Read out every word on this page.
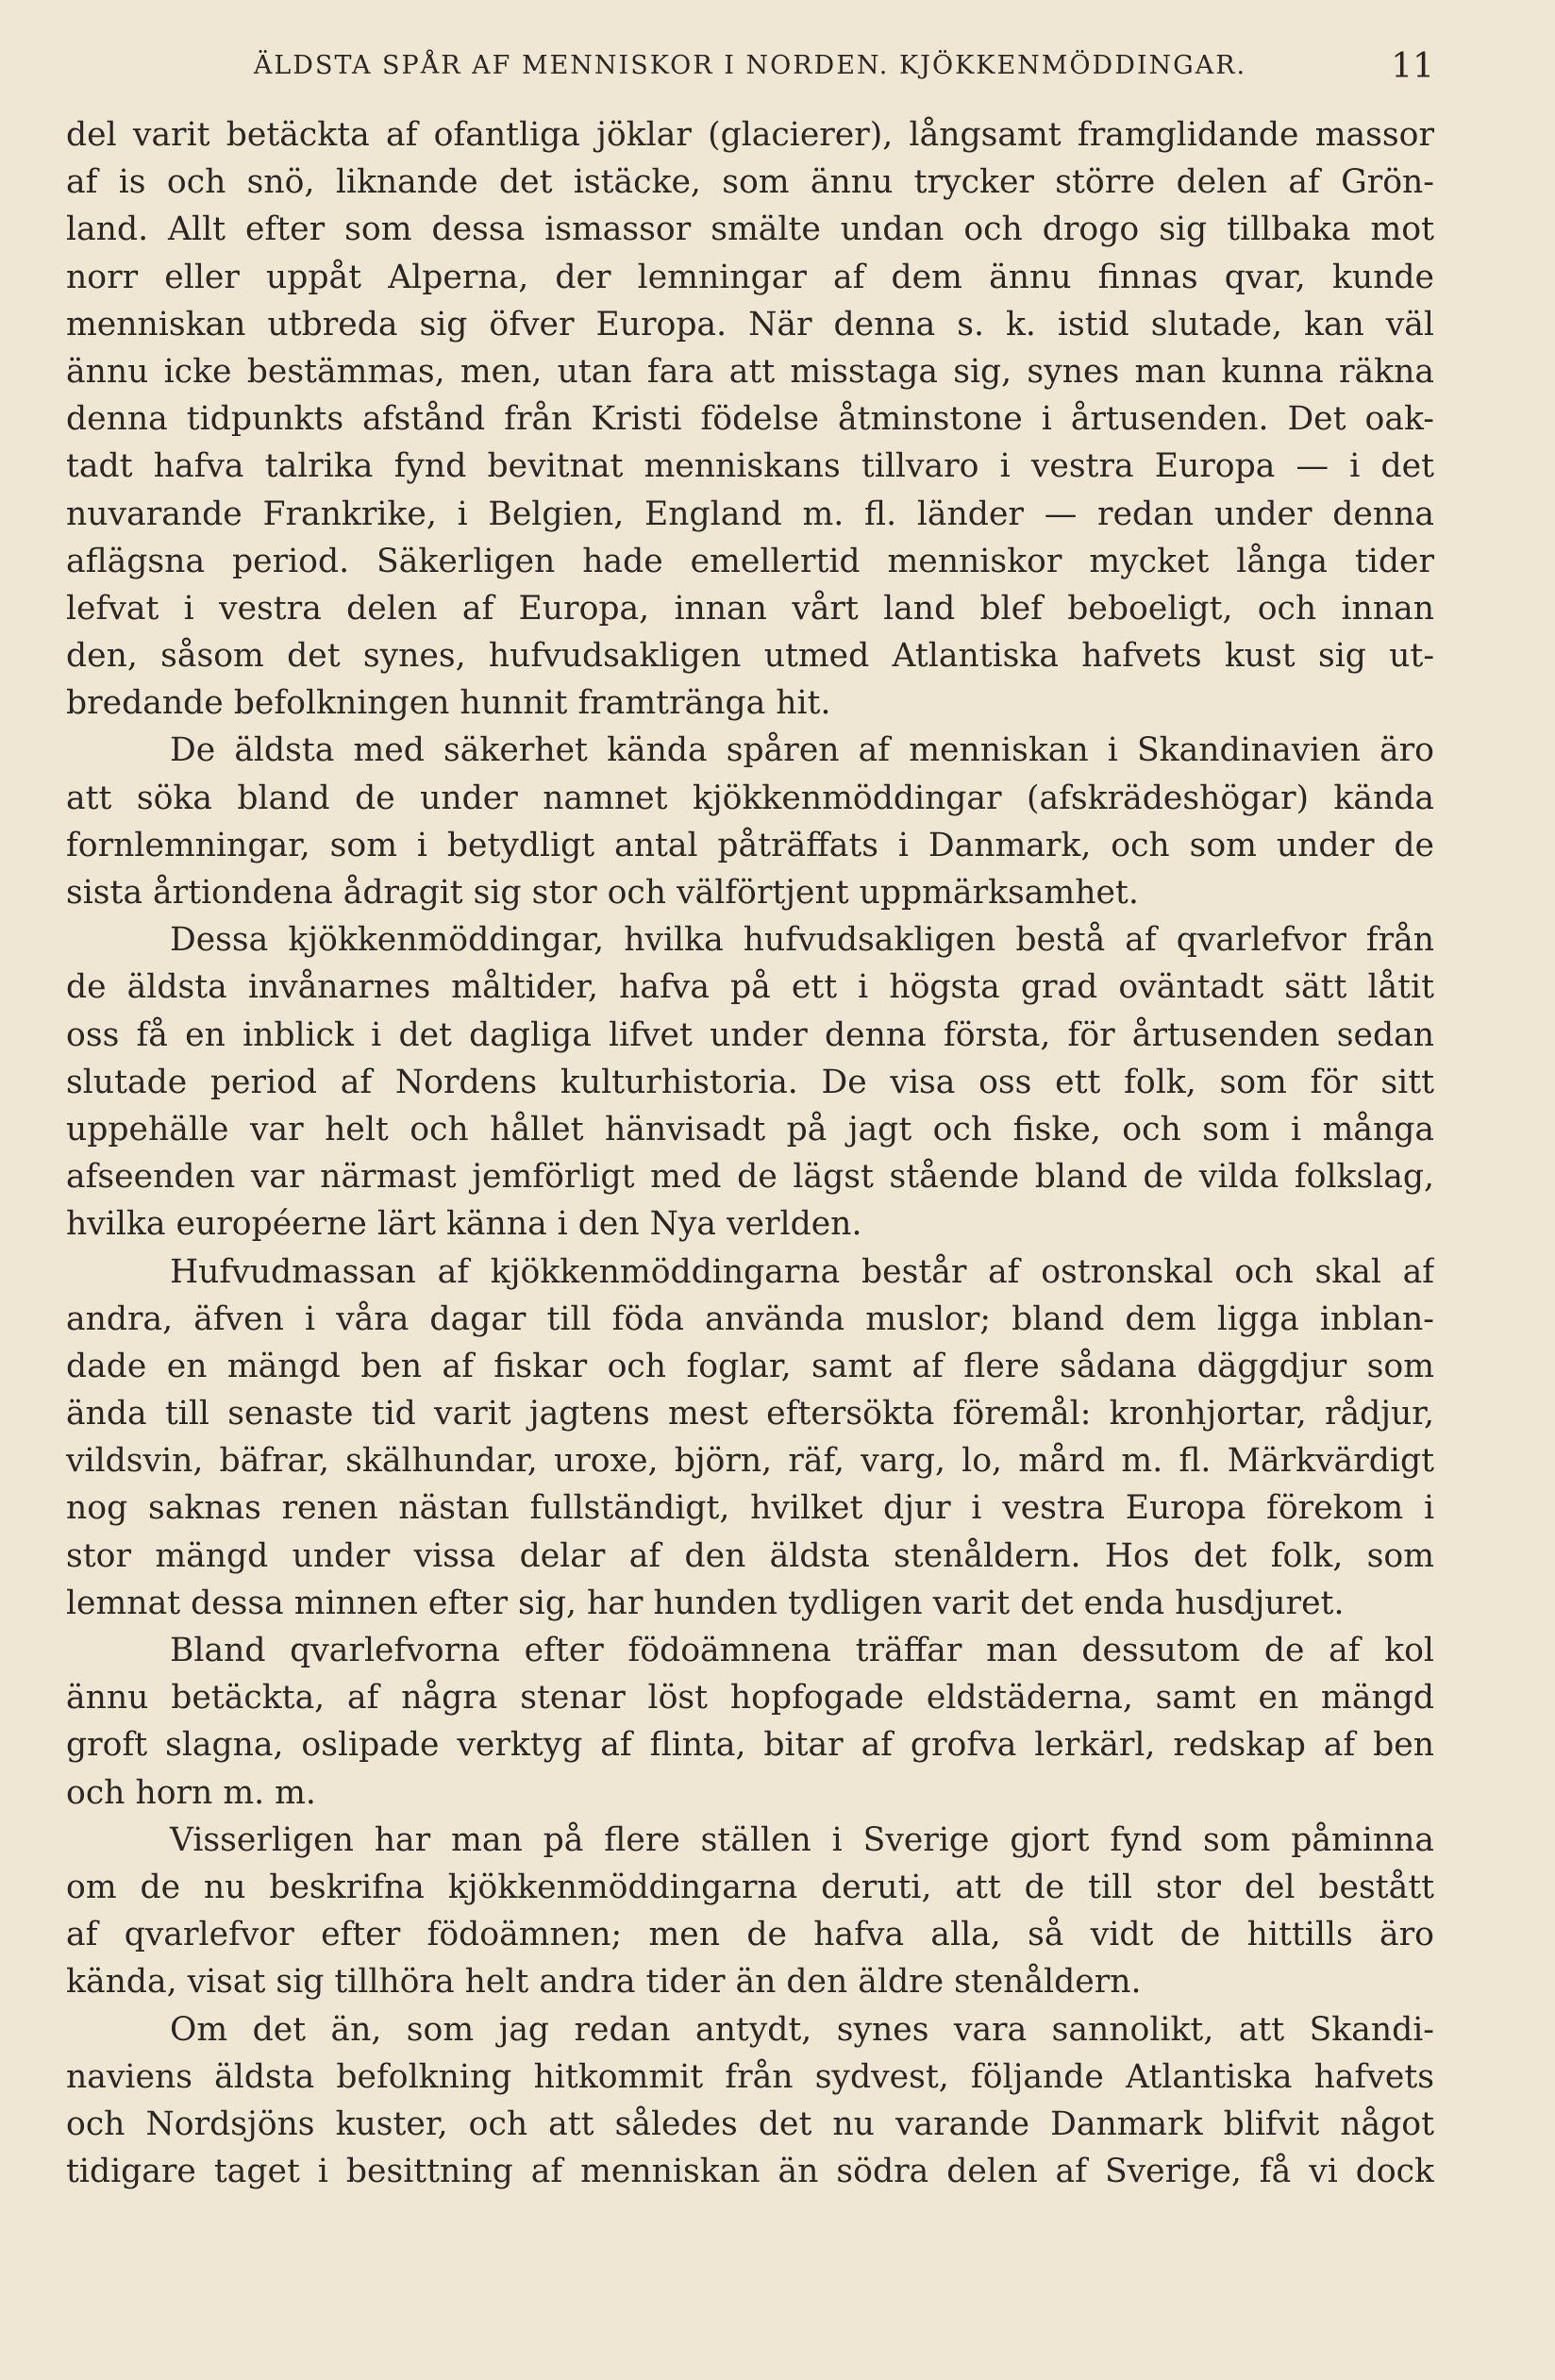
ÄLDSTA SPÅR AF MENNISKOR I NORDEN. KJÖKKENMÖDDINGAR.	11
del varit betäckta af ofantliga jöklar (glacierer), långsamt framglidande massor
af is och snö, liknande det istäcke, som ännu trycker större delen af Grön-
land. Allt efter som dessa ismassor smälte undan och drogo sig tillbaka mot
norr eller uppåt Alperna, der lemningar af dem ännu finnas qvar, kunde
menniskan utbreda sig öfver Europa. När denna s. k. istid slutade, kan väl
ännu icke bestämmas, men, utan fara att misstaga sig, synes man kunna räkna
denna tidpunkts afstånd från Kristi födelse åtminstone i årtusenden. Det oak-
tadt hafva talrika fynd bevitnat menniskans tillvaro i vestra Europa — i det
nuvarande Frankrike, i Belgien, England m. fl. länder — redan under denna
aflägsna period. Säkerligen hade emellertid menniskor mycket långa tider
lefvat i vestra delen af Europa, innan vårt land blef beboeligt, och innan
den, såsom det synes, hufvudsakligen utmed Atlantiska hafvets kust sig ut-
bredande befolkningen hunnit framtränga hit.
De äldsta med säkerhet kända spåren af menniskan i Skandinavien äro
att söka bland de under namnet kjökkenmöddingar (afskrädeshögar) kända
fornlemningar, som i betydligt antal påträffats i Danmark, och som under de
sista årtiondena ådragit sig stor och välförtjent uppmärksamhet.
Dessa kjökkenmöddingar, hvilka hufvudsakligen bestå af qvarlefvor från
de äldsta invånarnes måltider, hafva på ett i högsta grad oväntadt sätt låtit
oss få en inblick i det dagliga lifvet under denna första, för årtusenden sedan
slutade period af Nordens kulturhistoria. De visa oss ett folk, som för sitt
uppehälle var helt och hållet hänvisadt på jagt och fiske, och som i många
afseenden var närmast jemförligt med de lägst stående bland de vilda folkslag,
hvilka européerne lärt känna i den Nya verlden.
Hufvudmassan af kjökkenmöddingarna består af ostronskal och skal af
andra, äfven i våra dagar till föda använda muslor; bland dem ligga inblan-
dade en mängd ben af fiskar och foglar, samt af flere sådana däggdjur som
ända till senaste tid varit jagtens mest eftersökta föremål: kronhjortar, rådjur,
vildsvin, bäfrar, skälhundar, uroxe, björn, räf, varg, lo, mård m. fl. Märkvärdigt
nog saknas renen nästan fullständigt, hvilket djur i vestra Europa förekom i
stor mängd under vissa delar af den äldsta stenåldern. Hos det folk, som
lemnat dessa minnen efter sig, har hunden tydligen varit det enda husdjuret.
Bland qvarlefvorna efter födoämnena träffar man dessutom de af kol
ännu betäckta, af några stenar löst hopfogade eldstäderna, samt en mängd
groft slagna, oslipade verktyg af flinta, bitar af grofva lerkärl, redskap af ben
och horn m. m.
Visserligen har man på flere ställen i Sverige gjort fynd som påminna
om de nu beskrifna kjökkenmöddingarna deruti, att de till stor del bestått
af qvarlefvor efter födoämnen; men de hafva alla, så vidt de hittills äro
kända, visat sig tillhöra helt andra tider än den äldre stenåldern.
Om det än, som jag redan antydt, synes vara sannolikt, att Skandi-
naviens äldsta befolkning hitkommit från sydvest, följande Atlantiska hafvets
och Nordsjöns kuster, och att således det nu varande Danmark blifvit något
tidigare taget i besittning af menniskan än södra delen af Sverige, få vi dock
